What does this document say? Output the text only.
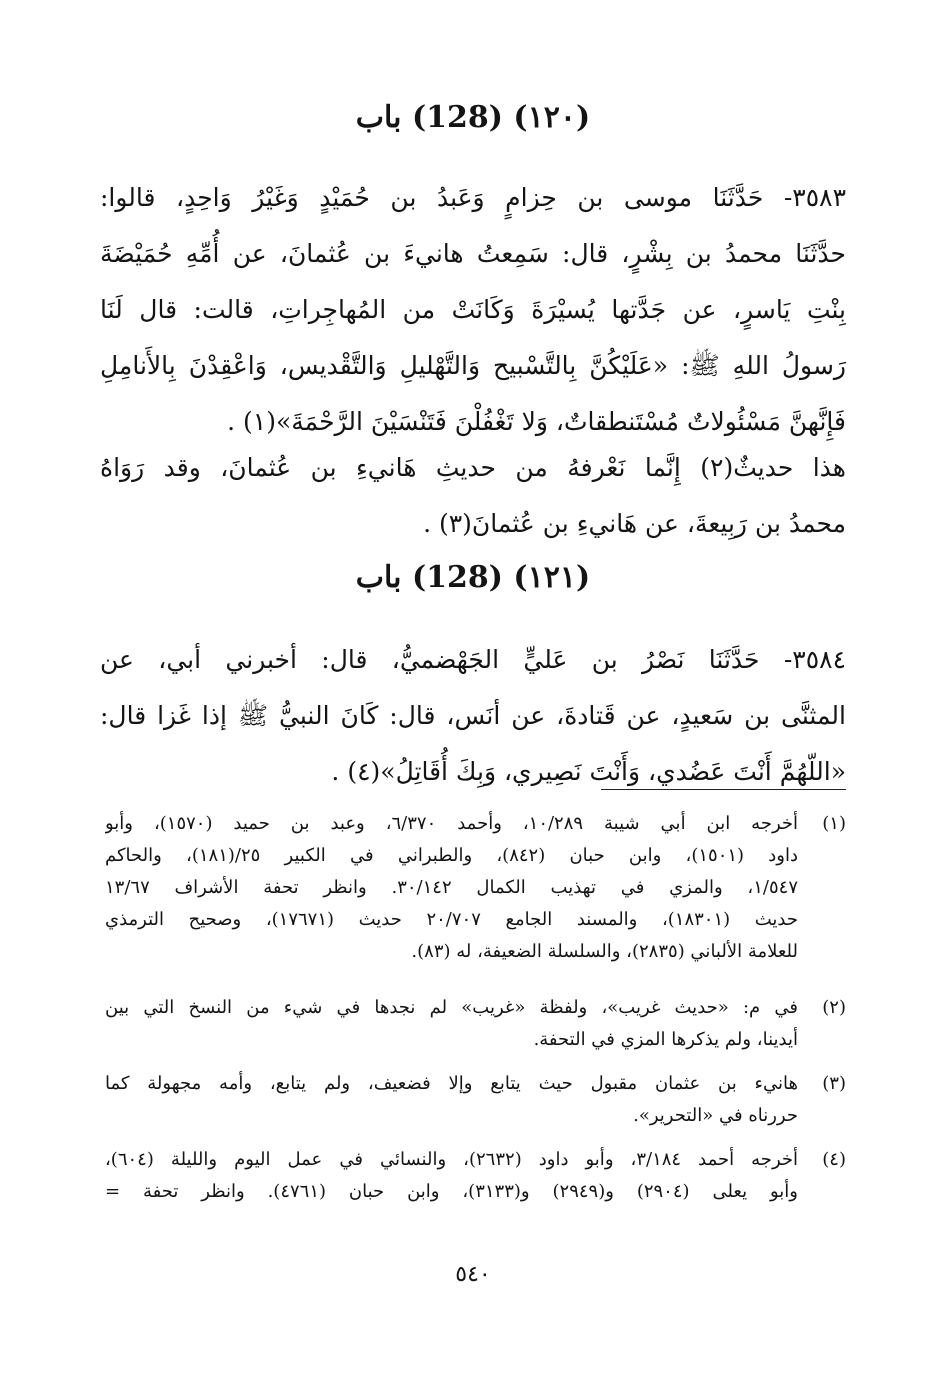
(١٢٠) (128) باب
٣٥٨٣- حَدَّثَنَا موسى بن حِزامٍ وَعَبدُ بن حُمَيْدٍ وَغَيْرُ وَاحِدٍ، قالوا:
حدَّثَنَا محمدُ بن بِشْرٍ، قال: سَمِعتُ هانيءَ بن عُثمانَ، عن أُمِّهِ حُمَيْضَةَ
بِنْتِ يَاسرٍ، عن جَدَّتها يُسيْرَةَ وَكَانَتْ من المُهاجِراتِ، قالت: قال لَنَا
رَسولُ اللهِ ﷺ: «عَلَيْكُنَّ بِالتَّسْبيح وَالتَّهْليلِ وَالتَّقْديس، وَاعْقِدْنَ بِالأَنامِلِ
فَإِنَّهنَّ مَسْئُولاتٌ مُسْتَنطقاتٌ، وَلا تَغْفُلْنَ فَتَنْسَيْنَ الرَّحْمَةَ»(١) .
هذا حديثٌ(٢) إِنَّما نَعْرفهُ من حديثِ هَانيءِ بن عُثمانَ، وقد رَوَاهُ
محمدُ بن رَبِيعةَ، عن هَانيءِ بن عُثمانَ(٣) .
(١٢١) (128) باب
٣٥٨٤- حَدَّثَنَا نَصْرُ بن عَليٍّ الجَهْضميُّ، قال: أخبرني أبي، عن
المثنَّى بن سَعيدٍ، عن قَتادةَ، عن أنَس، قال: كَانَ النبيُّ ﷺ إذا غَزا قال:
«اللّهُمَّ أَنْتَ عَضُدي، وَأَنْتَ نَصِيري، وَبِكَ أُقَاتِلُ»(٤) .
(١)
أخرجه ابن أبي شيبة ١٠/٢٨٩، وأحمد ٦/٣٧٠، وعبد بن حميد (١٥٧٠)، وأبو
داود (١٥٠١)، وابن حبان (٨٤٢)، والطبراني في الكبير ٢٥/(١٨١)، والحاكم
١/٥٤٧، والمزي في تهذيب الكمال ٣٠/١٤٢. وانظر تحفة الأشراف ١٣/٦٧
حديث (١٨٣٠١)، والمسند الجامع ٢٠/٧٠٧ حديث (١٧٦٧١)، وصحيح الترمذي
للعلامة الألباني (٢٨٣٥)، والسلسلة الضعيفة، له (٨٣).
(٢)
في م: «حديث غريب»، ولفظة «غريب» لم نجدها في شيء من النسخ التي بين
أيدينا، ولم يذكرها المزي في التحفة.
(٣)
هانيء بن عثمان مقبول حيث يتابع وإلا فضعيف، ولم يتابع، وأمه مجهولة كما
حررناه في «التحرير».
(٤)
أخرجه أحمد ٣/١٨٤، وأبو داود (٢٦٣٢)، والنسائي في عمل اليوم والليلة (٦٠٤)،
وأبو يعلى (٢٩٠٤) و(٢٩٤٩) و(٣١٣٣)، وابن حبان (٤٧٦١). وانظر تحفة =
٥٤٠
